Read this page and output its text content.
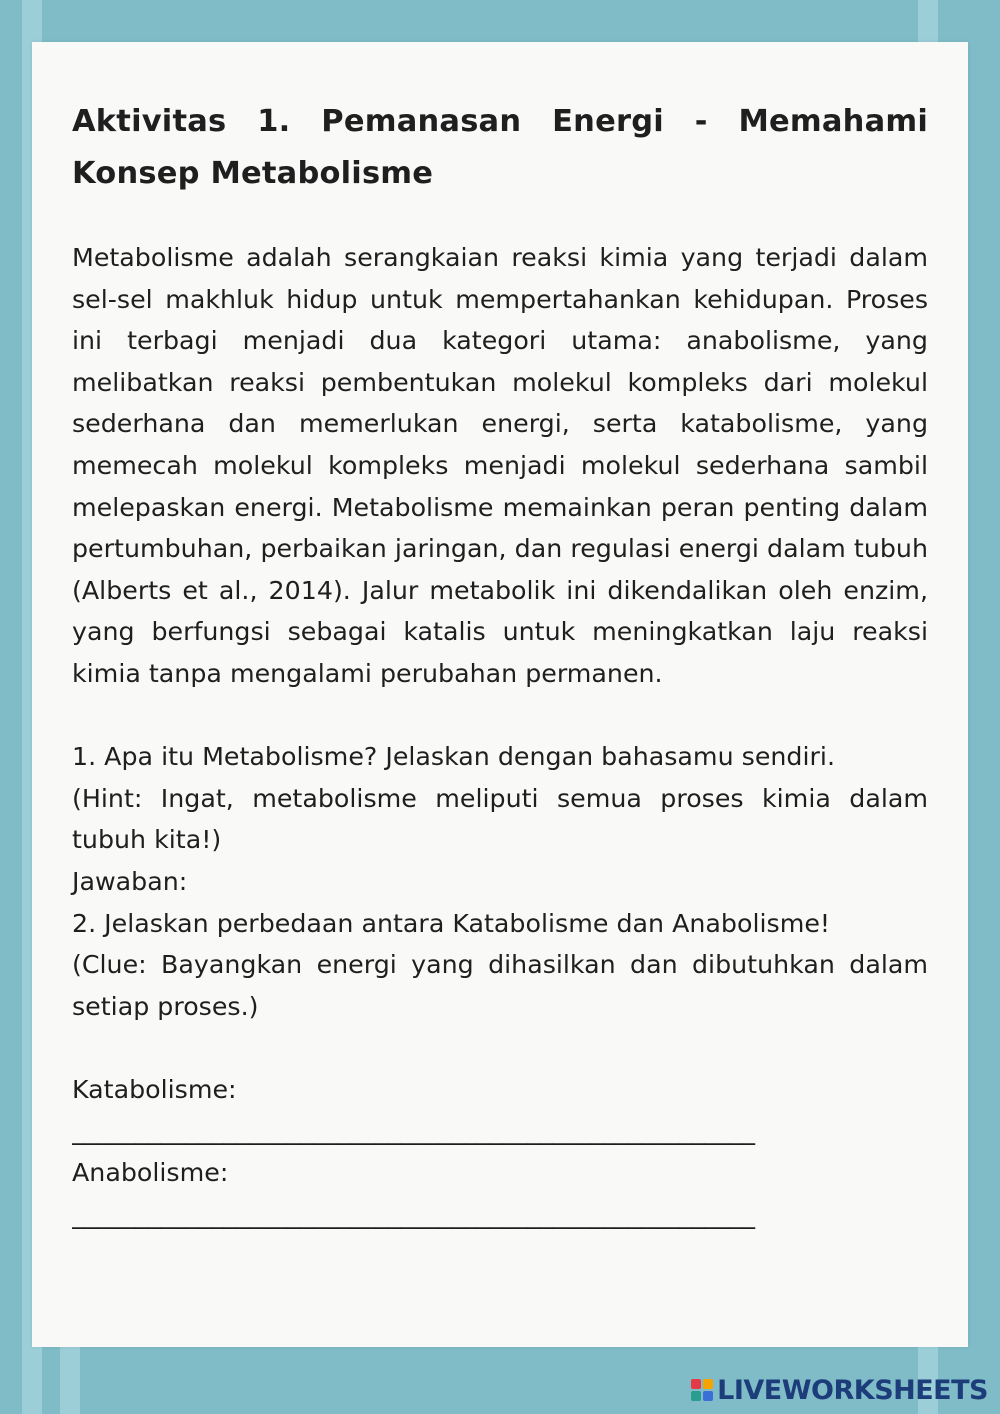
Aktivitas 1. Pemanasan Energi - Memahami Konsep Metabolisme

Metabolisme adalah serangkaian reaksi kimia yang terjadi dalam sel-sel makhluk hidup untuk mempertahankan kehidupan. Proses ini terbagi menjadi dua kategori utama: anabolisme, yang melibatkan reaksi pembentukan molekul kompleks dari molekul sederhana dan memerlukan energi, serta katabolisme, yang memecah molekul kompleks menjadi molekul sederhana sambil melepaskan energi. Metabolisme memainkan peran penting dalam pertumbuhan, perbaikan jaringan, dan regulasi energi dalam tubuh (Alberts et al., 2014). Jalur metabolik ini dikendalikan oleh enzim, yang berfungsi sebagai katalis untuk meningkatkan laju reaksi kimia tanpa mengalami perubahan permanen.

1. Apa itu Metabolisme? Jelaskan dengan bahasamu sendiri.

(Hint: Ingat, metabolisme meliputi semua proses kimia dalam tubuh kita!)

Jawaban:

2. Jelaskan perbedaan antara Katabolisme dan Anabolisme!

(Clue: Bayangkan energi yang dihasilkan dan dibutuhkan dalam setiap proses.)

Katabolisme:

______________________________________________________

Anabolisme:

______________________________________________________

LIVEWORKSHEETS
